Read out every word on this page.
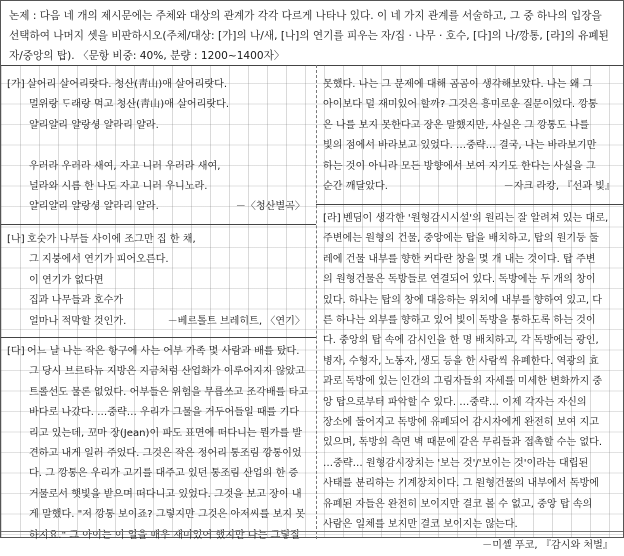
논제 : 다음 네 개의 제시문에는 주체와 대상의 관계가 각각 다르게 나타나 있다. 이 네 가지 관계를 서술하고, 그 중 하나의 입장을

선택하여 나머지 셋을 비판하시오(주체/대상: [가]의 나/새, [나]의 연기를 피우는 자/집 · 나무 · 호수, [다]의 나/깡통, [라]의 유폐된

자/중앙의 탑). 〈문항 비중: 40%, 분량 : 1200~1400자〉

[가] 살어리 살어리랏다. 청산(靑山)애 살어리랏다.

멀위랑 ᄃᆞ래랑 먹고 청산(靑山)애 살어리랏다.

얄리얄리 얄랑셩 얄라리 얄라.

우러라 우러라 새여, 자고 니러 우러라 새여,

널라와 시름 한 나도 자고 니러 우니노라.

얄리얄리 얄랑셩 얄라리 얄라.	－〈청산별곡〉

[나] 호숫가 나무들 사이에 조그만 집 한 채,

그 지붕에서 연기가 피어오른다.

이 연기가 없다면

집과 나무들과 호수가

얼마나 적막할 것인가.	－베르톨트 브레히트, 〈연기〉

[다] 어느 날 나는 작은 항구에 사는 어부 가족 몇 사람과 배를 탔다.

그 당시 브르타뉴 지방은 지금처럼 산업화가 이루어지지 않았고

트롤선도 물론 없었다. 어부들은 위험을 무릅쓰고 조각배를 타고

바다로 나갔다. …중략… 우리가 그물을 거두어들일 때를 기다

리고 있는데, 꼬마 장(Jean)이 파도 표면에 떠다니는 뭔가를 발

견하고 내게 일러 주었다. 그것은 작은 정어리 통조림 깡통이었

다. 그 깡통은 우리가 고기를 대주고 있던 통조림 산업의 한 증

거물로서 햇빛을 받으며 떠다니고 있었다. 그것을 보고 장이 내

게 말했다. "저 깡통 보이죠? 그렇지만 그것은 아저씨를 보지 못

하지요." 그 아이는 이 일을 매우 재미있어 했지만 나는 그렇질

못했다. 나는 그 문제에 대해 곰곰이 생각해보았다. 나는 왜 그

아이보다 덜 재미있어 할까? 그것은 흥미로운 질문이었다. 깡통

은 나를 보지 못한다고 장은 말했지만, 사실은 그 깡통도 나를

빛의 점에서 바라보고 있었다. …중략… 결국, 나는 바라보기만

하는 것이 아니라 모든 방향에서 보여 지기도 한다는 사실을 그

순간 깨달았다.	－자크 라캉, 『선과 빛』

[라] 벤딤이 생각한 '원형감시시설'의 원리는 잘 알려져 있는 대로,

주변에는 원형의 건물, 중앙에는 탑을 배치하고, 탑의 원기둥 둘

레에 건물 내부를 향한 커다란 창을 몇 개 내는 것이다. 탑 주변

의 원형건물은 독방들로 연결되어 있다. 독방에는 두 개의 창이

있다. 하나는 탑의 창에 대응하는 위치에 내부를 향하여 있고, 다

른 하나는 외부를 향하고 있어 빛이 독방을 통하도록 하는 것이

다. 중앙의 탑 속에 감시인을 한 명 배치하고, 각 독방에는 광인,

병자, 수형자, 노동자, 생도 등을 한 사람씩 유폐한다. 역광의 효

과로 독방에 있는 인간의 그림자들의 자세를 미세한 변화까지 중

앙 탑으로부터 파악할 수 있다. …중략… 이제 각자는 자신의

장소에 둘어지고 독방에 유폐되어 감시자에게 완전히 보여 지고

있으며, 독방의 측면 벽 때문에 같은 무리들과 접촉할 수는 없다.

…중략… 원형감시장치는 '보는 것'/'보이는 것'이라는 대립된

사태를 분리하는 기계장치이다. 그 원형건물의 내부에서 독방에

유폐된 자들은 완전히 보이지만 결코 볼 수 없고, 중앙 탑 속의

사람은 일체를 보지만 결코 보이지는 않는다.

－미셸 푸코, 『감시와 처벌』
